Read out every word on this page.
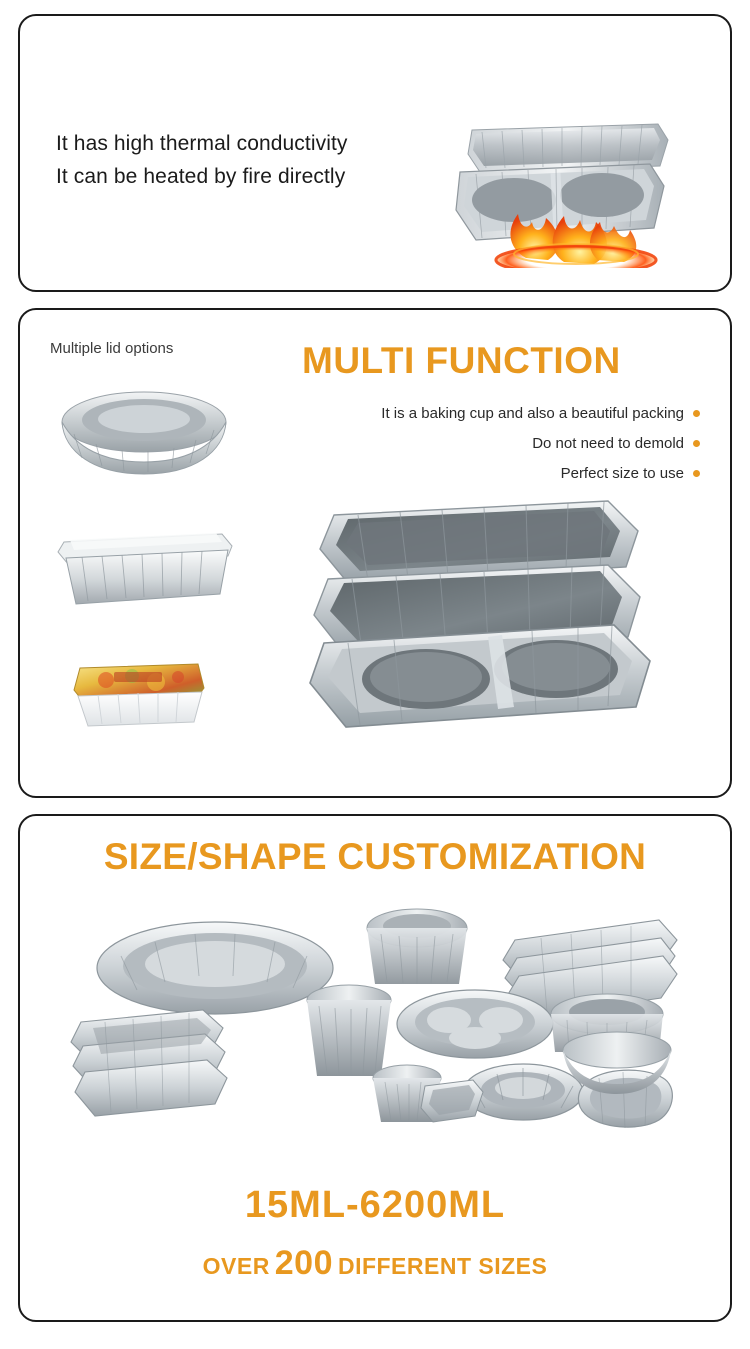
It has high thermal conductivity
It can be heated by fire directly
Multiple lid options	MULTI FUNCTION
It is a baking cup and also a beautiful packing
Do not need to demold
Perfect size to use
SIZE/SHAPE CUSTOMIZATION
15ML-6200ML
OVER 200 DIFFERENT SIZES
